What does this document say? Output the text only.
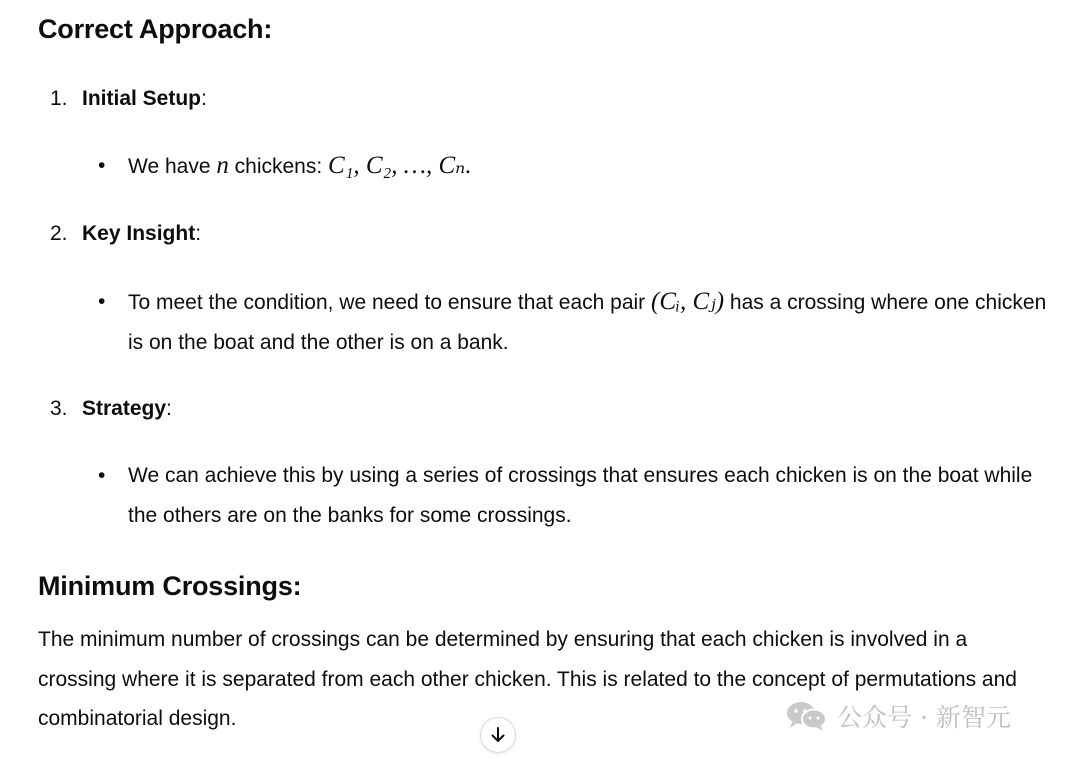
Correct Approach:
1. Initial Setup:
•	We have n chickens: C₁, C₂, …, Cₙ.
2. Key Insight:
•	To meet the condition, we need to ensure that each pair (Cᵢ, Cⱼ) has a crossing where one chicken is on the boat and the other is on a bank.
3. Strategy:
•	We can achieve this by using a series of crossings that ensures each chicken is on the boat while the others are on the banks for some crossings.
Minimum Crossings:

The minimum number of crossings can be determined by ensuring that each chicken is involved in a crossing where it is separated from each other chicken. This is related to the concept of permutations and combinatorial design.	公众号 · 新智元
